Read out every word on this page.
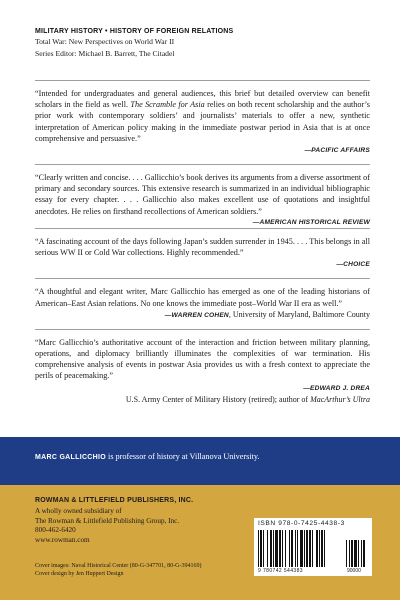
MILITARY HISTORY • HISTORY OF FOREIGN RELATIONS
Total War: New Perspectives on World War II
Series Editor: Michael B. Barrett, The Citadel
“Intended for undergraduates and general audiences, this brief but detailed overview can benefit scholars in the field as well. The Scramble for Asia relies on both recent scholarship and the author’s prior work with contemporary soldiers’ and journalists’ materials to offer a new, synthetic interpretation of American policy making in the immediate postwar period in Asia that is at once comprehensive and persuasive.”
—PACIFIC AFFAIRS
“Clearly written and concise. . . . Gallicchio’s book derives its arguments from a diverse assortment of primary and secondary sources. This extensive research is summarized in an individual bibliographic essay for every chapter. . . . Gallicchio also makes excellent use of quotations and insightful anecdotes. He relies on firsthand recollections of American soldiers.”
—AMERICAN HISTORICAL REVIEW
“A fascinating account of the days following Japan’s sudden surrender in 1945. . . . This belongs in all serious WW II or Cold War collections. Highly recommended.”
—CHOICE
“A thoughtful and elegant writer, Marc Gallicchio has emerged as one of the leading historians of American–East Asian relations. No one knows the immediate post–World War II era as well.”
—WARREN COHEN, University of Maryland, Baltimore County
“Marc Gallicchio’s authoritative account of the interaction and friction between military planning, operations, and diplomacy brilliantly illuminates the complexities of war termination. His comprehensive analysis of events in postwar Asia provides us with a fresh context to appreciate the perils of peacemaking.”
—EDWARD J. DREA
U.S. Army Center of Military History (retired); author of MacArthur’s Ultra
MARC GALLICCHIO is professor of history at Villanova University.
ROWMAN & LITTLEFIELD PUBLISHERS, INC.
A wholly owned subsidiary of
The Rowman & Littlefield Publishing Group, Inc.
800-462-6420
www.rowman.com
Cover images: Naval Historical Center (80-G-347701, 80-G-394169)
Cover design by Jen Huppert Design
ISBN 978-0-7425-4438-3
9 780742 544383	90000
